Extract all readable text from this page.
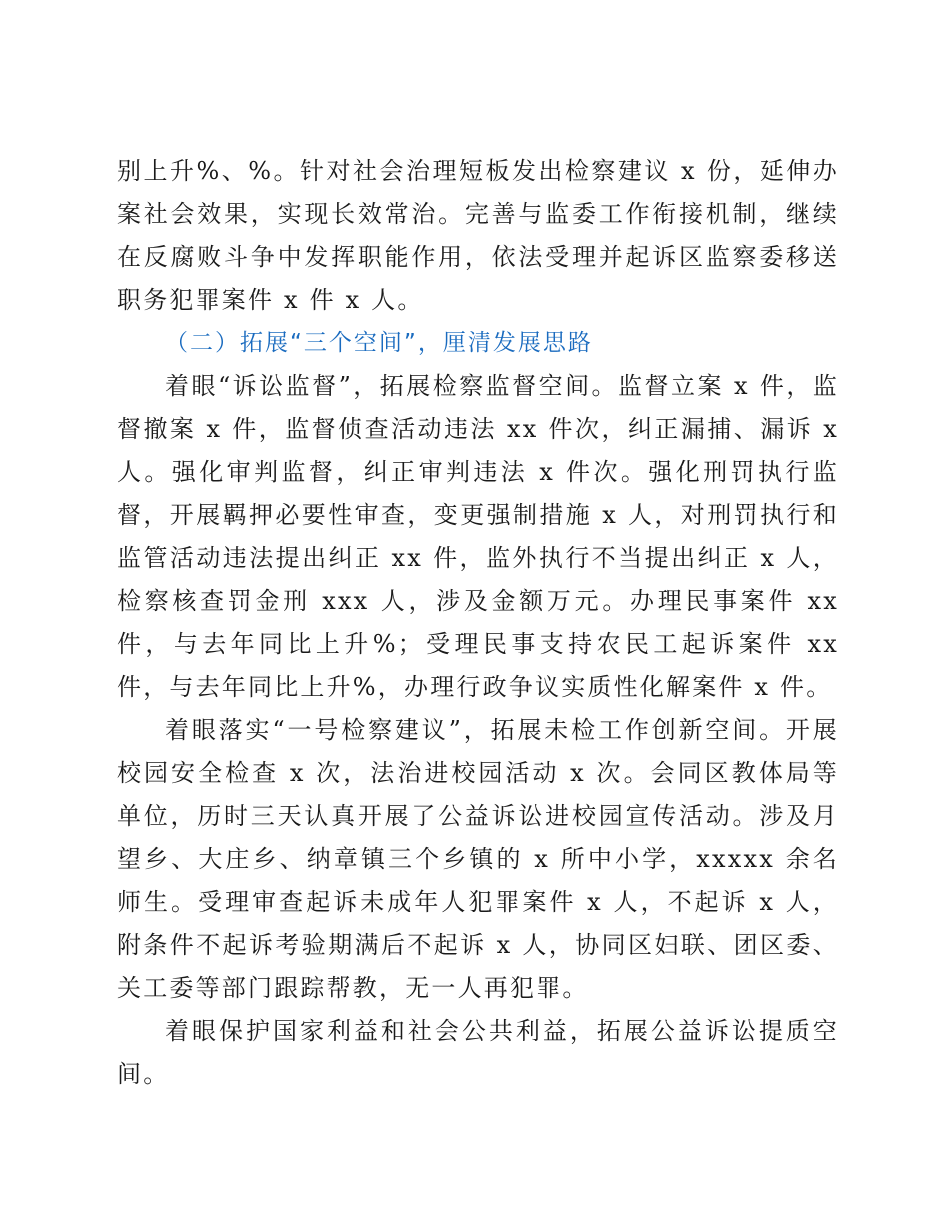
别上升%、%。针对社会治理短板发出检察建议 x 份，延伸办案社会效果，实现长效常治。完善与监委工作衔接机制，继续在反腐败斗争中发挥职能作用，依法受理并起诉区监察委移送职务犯罪案件 x 件 x 人。

（二）拓展“三个空间”，厘清发展思路

着眼“诉讼监督”，拓展检察监督空间。监督立案 x 件，监督撤案 x 件，监督侦查活动违法 xx 件次，纠正漏捕、漏诉 x 人。强化审判监督，纠正审判违法 x 件次。强化刑罚执行监督，开展羁押必要性审查，变更强制措施 x 人，对刑罚执行和监管活动违法提出纠正 xx 件，监外执行不当提出纠正 x 人，检察核查罚金刑 xxx 人，涉及金额万元。办理民事案件 xx 件，与去年同比上升%；受理民事支持农民工起诉案件 xx 件，与去年同比上升%，办理行政争议实质性化解案件 x 件。

着眼落实“一号检察建议”，拓展未检工作创新空间。开展校园安全检查 x 次，法治进校园活动 x 次。会同区教体局等单位，历时三天认真开展了公益诉讼进校园宣传活动。涉及月望乡、大庄乡、纳章镇三个乡镇的 x 所中小学，xxxxx 余名师生。受理审查起诉未成年人犯罪案件 x 人，不起诉 x 人，附条件不起诉考验期满后不起诉 x 人，协同区妇联、团区委、关工委等部门跟踪帮教，无一人再犯罪。

着眼保护国家利益和社会公共利益，拓展公益诉讼提质空间。
